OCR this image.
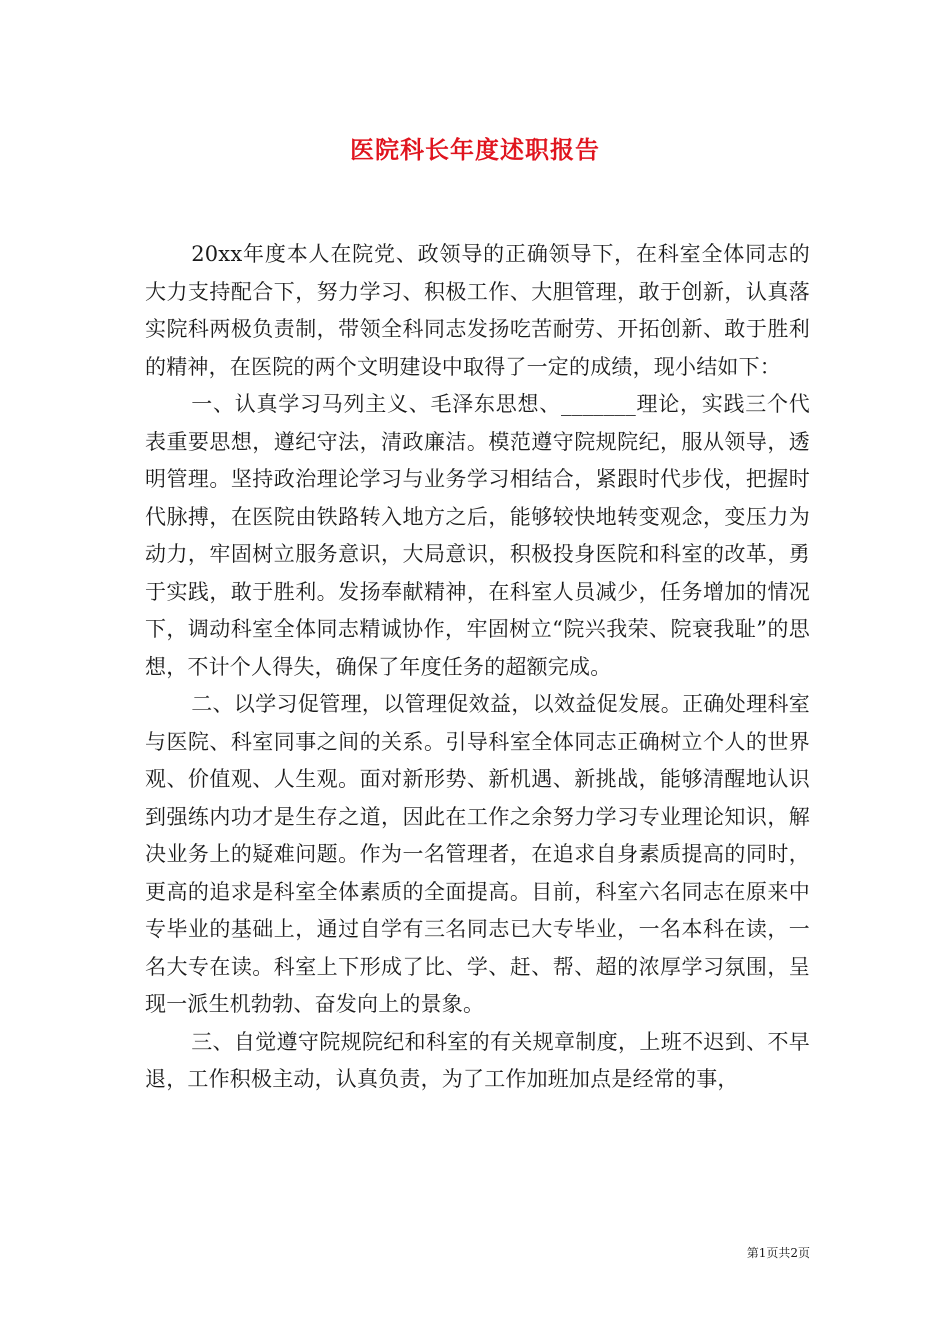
医院科长年度述职报告

20xx年度本人在院党、政领导的正确领导下，在科室全体同志的大力支持配合下，努力学习、积极工作、大胆管理，敢于创新，认真落实院科两极负责制，带领全科同志发扬吃苦耐劳、开拓创新、敢于胜利的精神，在医院的两个文明建设中取得了一定的成绩，现小结如下：

一、认真学习马列主义、毛泽东思想、_______理论，实践三个代表重要思想，遵纪守法，清政廉洁。模范遵守院规院纪，服从领导，透明管理。坚持政治理论学习与业务学习相结合，紧跟时代步伐，把握时代脉搏，在医院由铁路转入地方之后，能够较快地转变观念，变压力为动力，牢固树立服务意识，大局意识，积极投身医院和科室的改革，勇于实践，敢于胜利。发扬奉献精神，在科室人员减少，任务增加的情况下，调动科室全体同志精诚协作，牢固树立“院兴我荣、院衰我耻”的思想，不计个人得失，确保了年度任务的超额完成。

二、以学习促管理，以管理促效益，以效益促发展。正确处理科室与医院、科室同事之间的关系。引导科室全体同志正确树立个人的世界观、价值观、人生观。面对新形势、新机遇、新挑战，能够清醒地认识到强练内功才是生存之道，因此在工作之余努力学习专业理论知识，解决业务上的疑难问题。作为一名管理者，在追求自身素质提高的同时，更高的追求是科室全体素质的全面提高。目前，科室六名同志在原来中专毕业的基础上，通过自学有三名同志已大专毕业，一名本科在读，一名大专在读。科室上下形成了比、学、赶、帮、超的浓厚学习氛围，呈现一派生机勃勃、奋发向上的景象。

三、自觉遵守院规院纪和科室的有关规章制度，上班不迟到、不早退，工作积极主动，认真负责，为了工作加班加点是经常的事，

第1页共2页
